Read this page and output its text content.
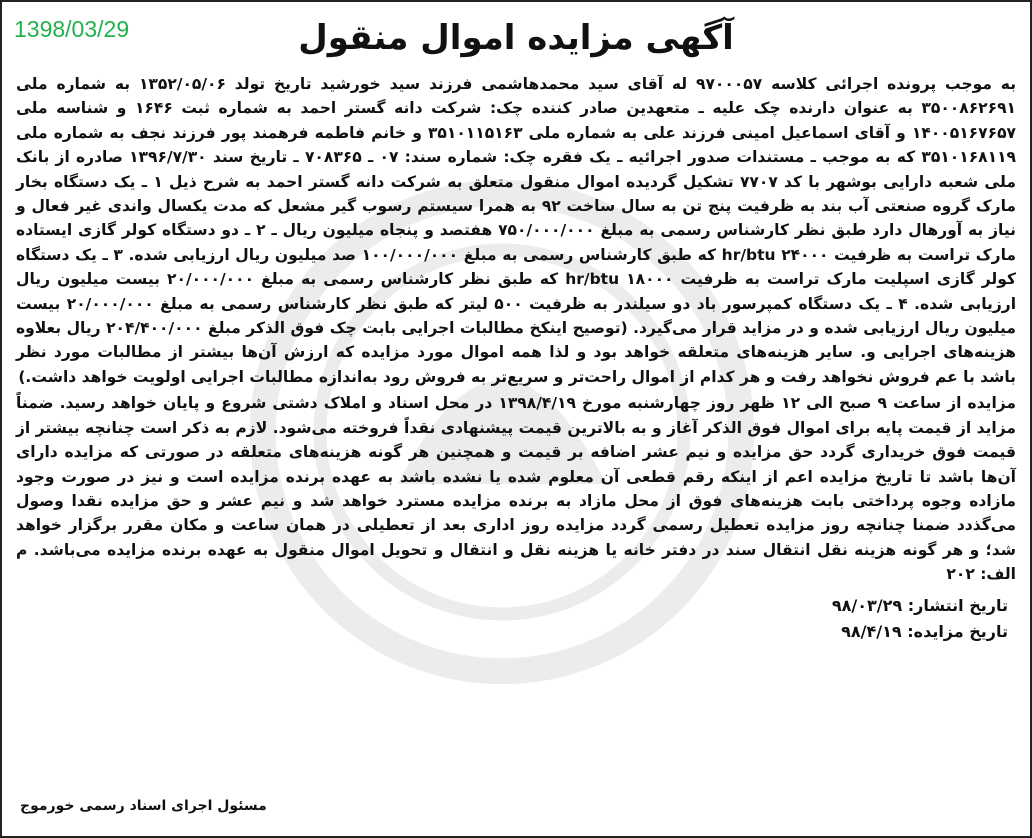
1398/03/29	آگهی مزایده اموال منقول

به موجب پرونده اجرائی کلاسه ۹۷۰۰۰۵۷ له آقای سید محمدهاشمی فرزند سید خورشید تاریخ تولد ۱۳۵۲/۰۵/۰۶ به شماره ملی ۳۵۰۰۸۶۲۶۹۱ به عنوان دارنده چک علیه ـ متعهدین صادر کننده چک: شرکت دانه گستر احمد به شماره ثبت ۱۶۴۶ و شناسه ملی ۱۴۰۰۵۱۶۷۶۵۷ و آقای اسماعیل امینی فرزند علی به شماره ملی ۳۵۱۰۱۱۵۱۶۳ و خانم فاطمه فرهمند پور فرزند نجف به شماره ملی ۳۵۱۰۱۶۸۱۱۹ که به موجب ـ مستندات صدور اجرائیه ـ یک فقره چک: شماره سند: ۰۷ ـ ۷۰۸۳۶۵ ـ تاریخ سند ۱۳۹۶/۷/۳۰ صادره از بانک ملی شعبه دارایی بوشهر با کد ۷۷۰۷ تشکیل گردیده اموال منقول متعلق به شرکت دانه گستر احمد به شرح ذیل ۱ ـ یک دستگاه بخار مارک گروه صنعتی آب بند به ظرفیت پنج تن به سال ساخت ۹۲ به همرا سیستم رسوب گیر مشعل که مدت یکسال واندی غیر فعال و نیاز به آورهال دارد طبق نظر کارشناس رسمی به مبلغ ۷۵۰/۰۰۰/۰۰۰ هفتصد و پنجاه میلیون ریال ـ ۲ ـ دو دستگاه کولر گازی ایستاده مارک تراست به ظرفیت ۲۴۰۰۰ hr/btu که طبق کارشناس رسمی به مبلغ ۱۰۰/۰۰۰/۰۰۰ صد میلیون ریال ارزیابی شده. ۳ ـ یک دستگاه کولر گازی اسپلیت مارک تراست به ظرفیت ۱۸۰۰۰ hr/btu که طبق نظر کارشناس رسمی به مبلغ ۲۰/۰۰۰/۰۰۰ بیست میلیون ریال ارزیابی شده. ۴ ـ یک دستگاه کمپرسور باد دو سیلندر به ظرفیت ۵۰۰ لیتر که طبق نظر کارشناس رسمی به مبلغ ۲۰/۰۰۰/۰۰۰ بیست میلیون ریال ارزیابی شده و در مزاید قرار می‌گیرد. (توصیح اینکخ مطالبات اجرایی بابت چک فوق الذکر مبلغ ۲۰۴/۴۰۰/۰۰۰ ریال بعلاوه هزینه‌های اجرایی و. سایر هزینه‌های متعلقه خواهد بود و لذا همه اموال مورد مزایده که ارزش آن‌ها بیشتر از مطالبات مورد نظر باشد با عم فروش نخواهد رفت و هر کدام از اموال راحت‌تر و سریع‌تر به فروش رود به‌اندازه مطالبات اجرایی اولویت خواهد داشت.)

مزایده از ساعت ۹ صبح الی ۱۲ ظهر روز چهارشنبه مورخ ۱۳۹۸/۴/۱۹ در محل اسناد و املاک دشتی شروع و پایان خواهد رسید. ضمناً مزاید از قیمت پایه برای اموال فوق الذکر آغاز و به بالاترین قیمت پیشنهادی نقداً فروخته می‌شود. لازم به ذکر است چنانچه بیشتر از قیمت فوق خریداری گردد حق مزایده و نیم عشر اضافه بر قیمت و همچنین هر گونه هزینه‌های متعلقه در صورتی که مزایده دارای آن‌ها باشد تا تاریخ مزایده اعم از اینکه رقم قطعی آن معلوم شده یا نشده باشد به عهده برنده مزایده است و نیز در صورت وجود مازاده وجوه پرداختی بابت هزینه‌های فوق از محل مازاد به برنده مزایده مسترد خواهد شد و نیم عشر و حق مزایده نقدا وصول می‌گذدد ضمنا چنانچه روز مزایده تعطیل رسمی گردد مزایده روز اداری بعد از تعطیلی در همان ساعت و مکان مقرر برگزار خواهد شد؛ و هر گونه هزینه نقل انتقال سند در دفتر خانه یا هزینه نقل و انتقال و تحویل اموال منقول به عهده برنده مزایده می‌باشد. م الف: ۲۰۲

تاریخ انتشار: ۹۸/۰۳/۲۹
تاریخ مزایده: ۹۸/۴/۱۹
مسئول اجرای اسناد رسمی خورموج
